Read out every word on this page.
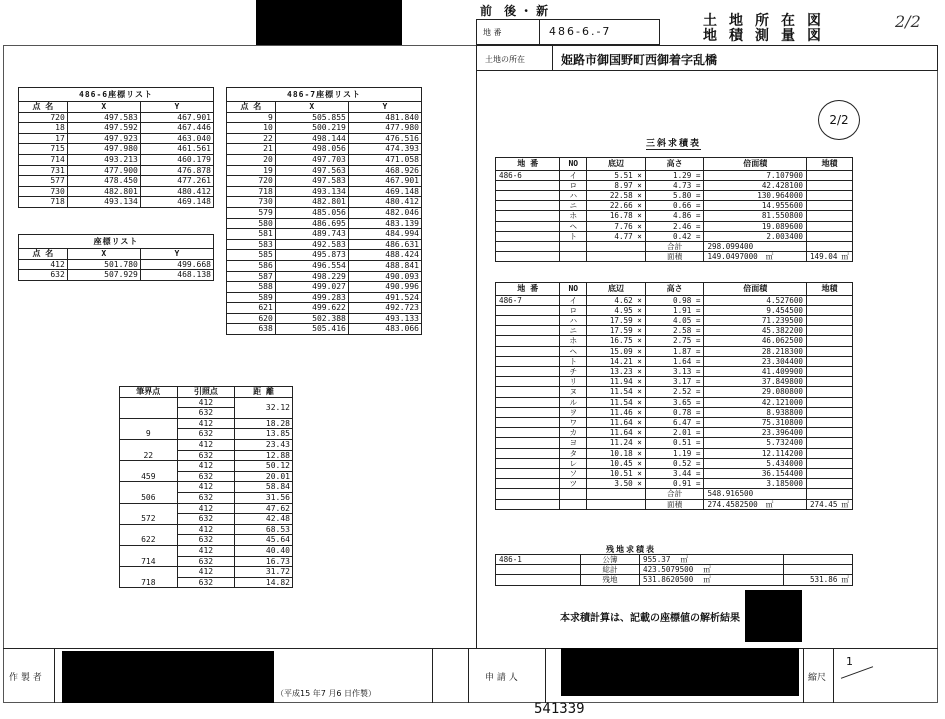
前 後・新
地 番	486-6.-7
土地所在図
地積測量図
2/2
土地の所在	姫路市御国野町西御着字乱橋
2/2
486-6座標リスト
点 名	X	Y
720	497.583	467.901
18	497.592	467.446
17	497.923	463.040
715	497.980	461.561
714	493.213	460.179
731	477.900	476.878
577	478.450	477.261
730	482.801	480.412
718	493.134	469.148
座標リスト
点 名	X	Y
412	501.780	499.668
632	507.929	468.138
486-7座標リスト
点 名	X	Y
9	505.855	481.840
10	500.219	477.980
22	498.144	476.516
21	498.056	474.393
20	497.703	471.058
19	497.563	468.926
720	497.583	467.901
718	493.134	469.148
730	482.801	480.412
579	485.056	482.046
580	486.695	483.139
581	489.743	484.994
583	492.583	486.631
585	495.873	488.424
586	496.554	488.841
587	498.229	490.093
588	499.027	490.996
589	499.283	491.524
621	499.622	492.723
620	502.388	493.133
638	505.416	483.066
筆界点	引照点	距 離
	412	32.12
	632	
9	412	18.28
	632	13.85
22	412	23.43
	632	12.88
459	412	50.12
	632	20.01
506	412	58.84
	632	31.56
572	412	47.62
	632	42.48
622	412	68.53
	632	45.64
714	412	40.40
	632	16.73
718	412	31.72
	632	14.82
三斜求積表
地 番	NO	底辺	高さ	倍面積	地積
486-6	イ	5.51 ×	1.29 =	7.107900	
	ロ	8.97 ×	4.73 =	42.428100	
	ハ	22.58 ×	5.80 =	130.964000	
	ニ	22.66 ×	0.66 =	14.955600	
	ホ	16.78 ×	4.86 =	81.550800	
	ヘ	7.76 ×	2.46 =	19.089600	
	ト	4.77 ×	0.42 =	2.003400	
			合計	298.099400	
			面積	149.0497000 ㎡	149.04 ㎡
地 番	NO	底辺	高さ	倍面積	地積
486-7	イ	4.62 ×	0.98 =	4.527600	
	ロ	4.95 ×	1.91 =	9.454500	
	ハ	17.59 ×	4.05 =	71.239500	
	ニ	17.59 ×	2.58 =	45.382200	
	ホ	16.75 ×	2.75 =	46.062500	
	ヘ	15.09 ×	1.87 =	28.218300	
	ト	14.21 ×	1.64 =	23.304400	
	チ	13.23 ×	3.13 =	41.409900	
	リ	11.94 ×	3.17 =	37.849800	
	ヌ	11.54 ×	2.52 =	29.080800	
	ル	11.54 ×	3.65 =	42.121000	
	ヲ	11.46 ×	0.78 =	8.938800	
	ワ	11.64 ×	6.47 =	75.310800	
	カ	11.64 ×	2.01 =	23.396400	
	ヨ	11.24 ×	0.51 =	5.732400	
	タ	10.18 ×	1.19 =	12.114200	
	レ	10.45 ×	0.52 =	5.434000	
	ソ	10.51 ×	3.44 =	36.154400	
	ツ	3.50 ×	0.91 =	3.185000	
			合計	548.916500	
			面積	274.4582500 ㎡	274.45 ㎡
残地求積表
486-1	公簿	955.37 ㎡	
	総計	423.5079500 ㎡	
	残地	531.8620500 ㎡	531.86 ㎡
本求積計算は、記載の座標値の解析結果
作 製 者
（平成15 年7 月6 日作製）
申 請 人	縮尺
1
541339
